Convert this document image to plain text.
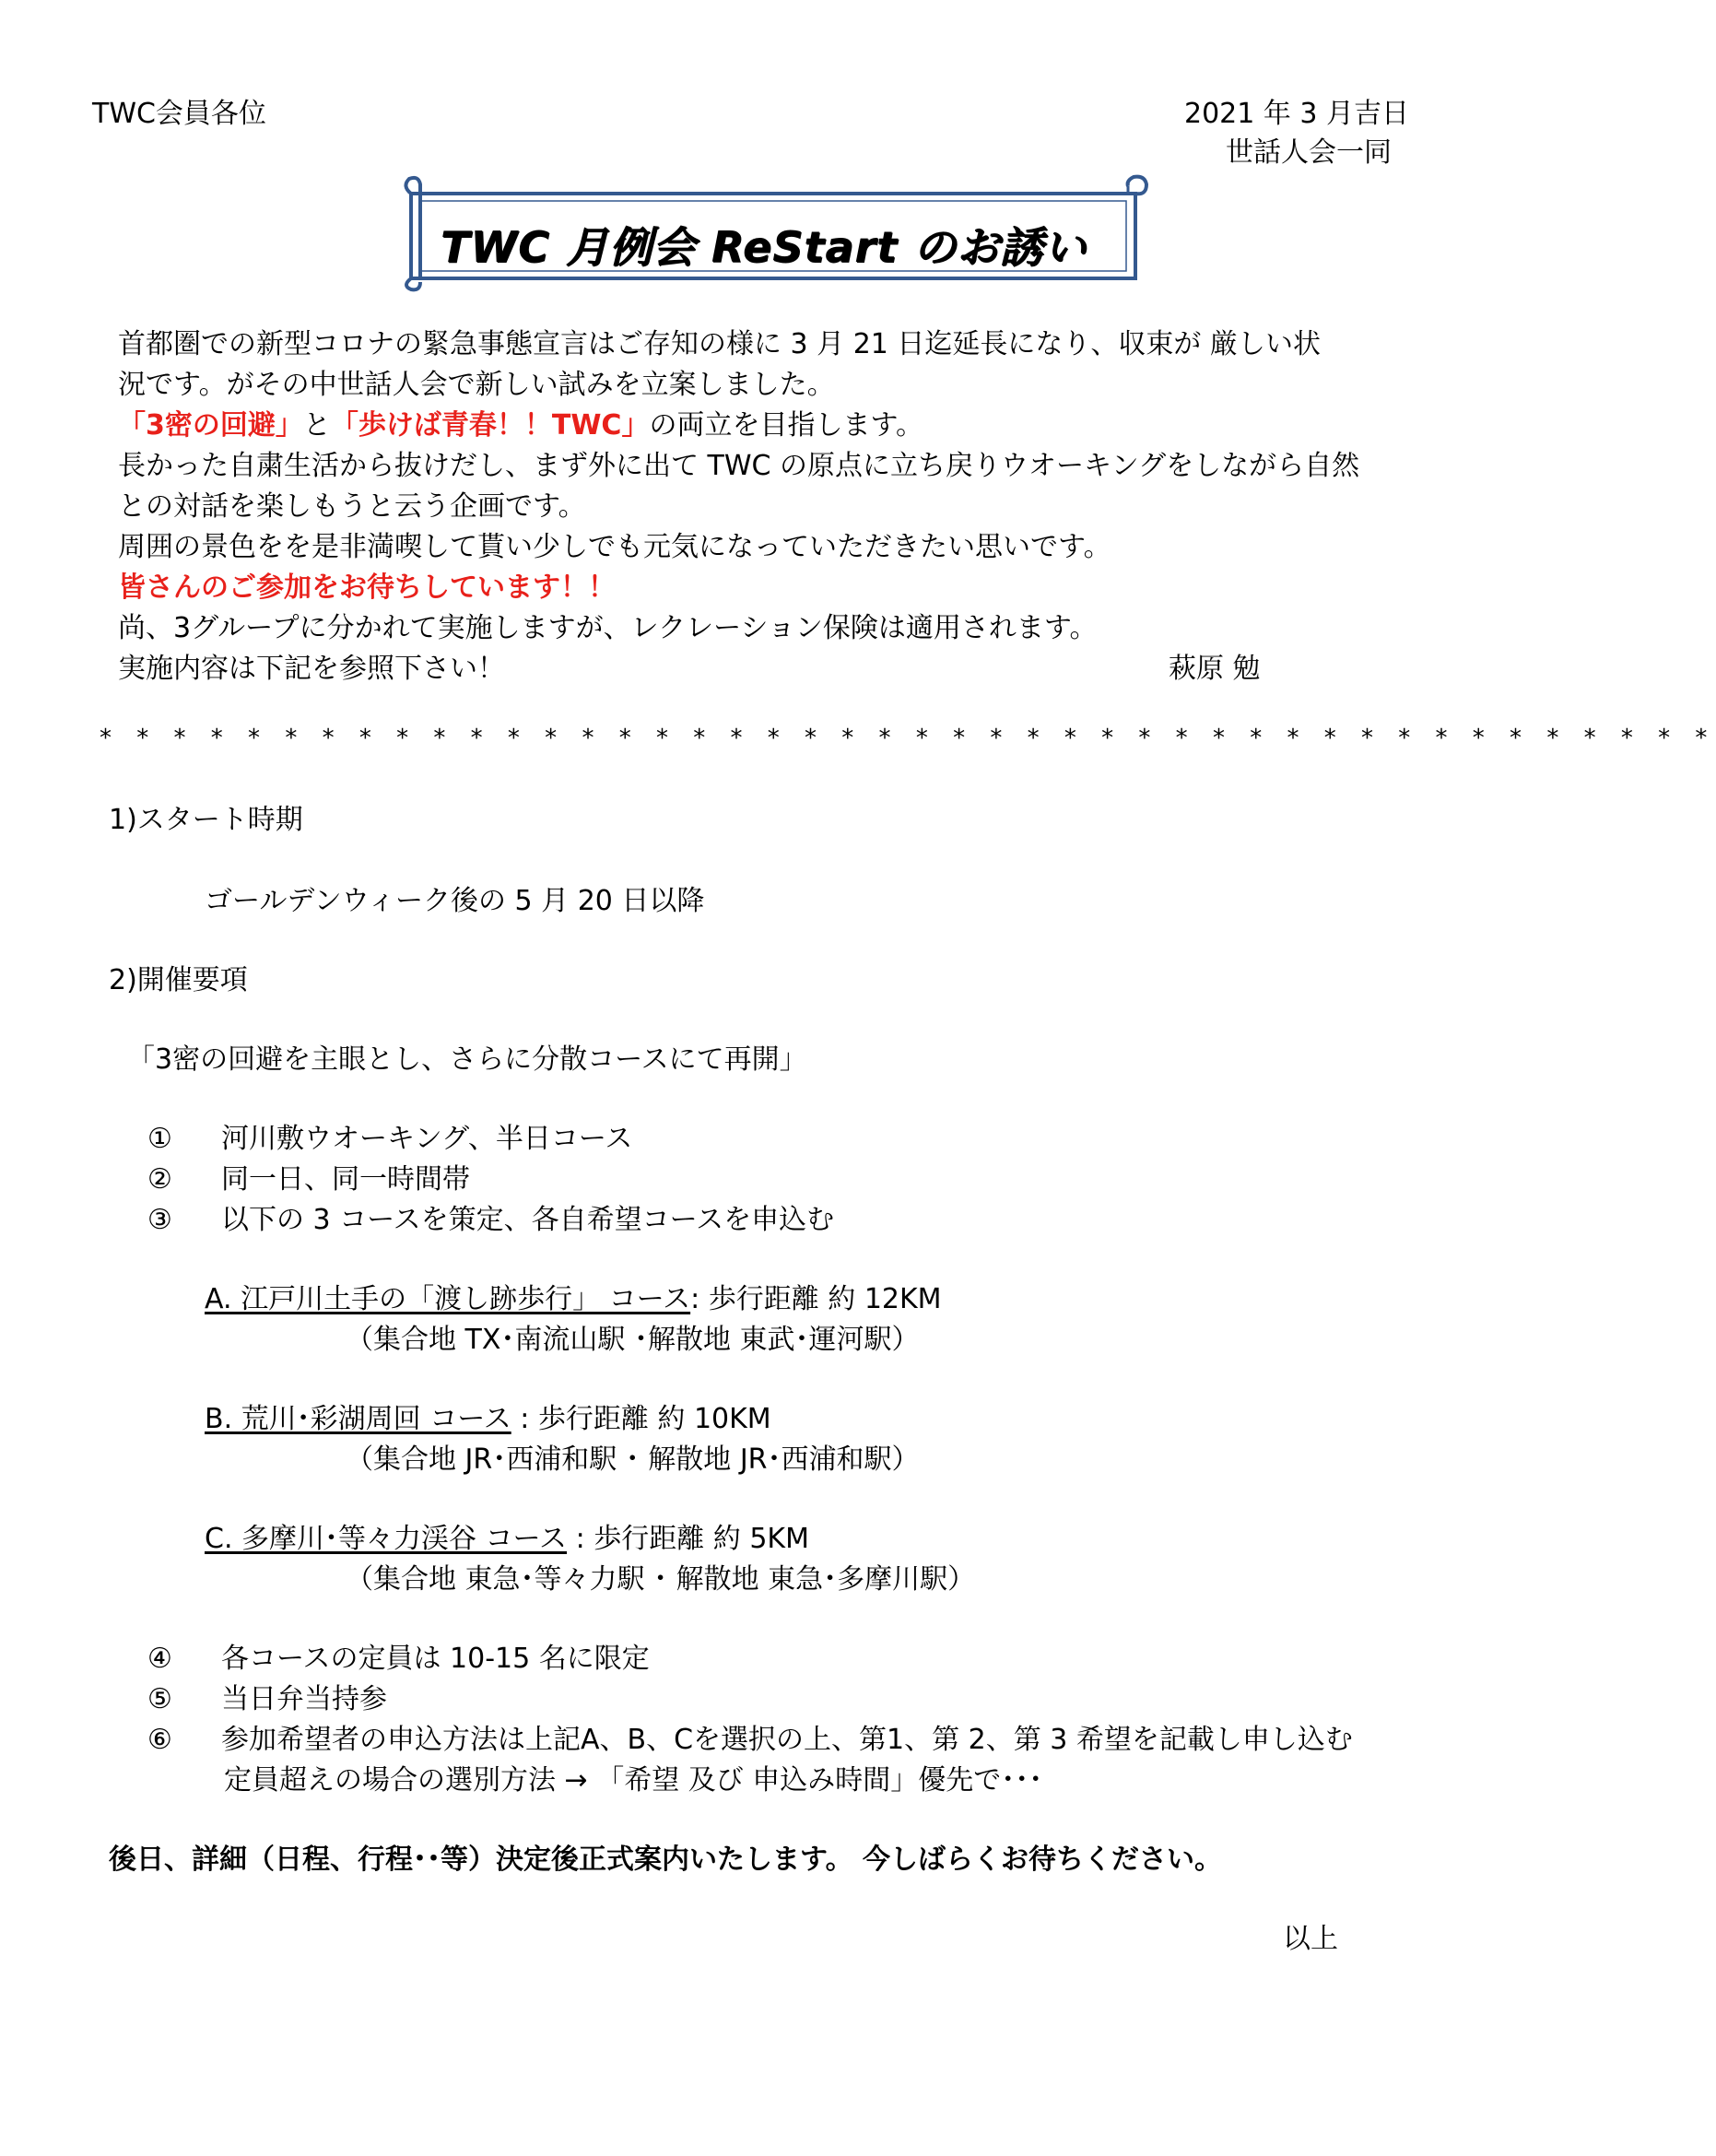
TWC会員各位	2021 年 3 月吉日
世話人会一同
TWC 月例会 ReStart のお誘い
首都圏での新型コロナの緊急事態宣言はご存知の様に 3 月 21 日迄延長になり、収束が 厳しい状
況です。がその中世話人会で新しい試みを立案しました。
「3密の回避」と「歩けば青春！！TWC」の両立を目指します。
長かった自粛生活から抜けだし、まず外に出て TWC の原点に立ち戻りウオーキングをしながら自然
との対話を楽しもうと云う企画です。
周囲の景色をを是非満喫して貰い少しでも元気になっていただきたい思いです。
皆さんのご参加をお待ちしています！！
尚、3グループに分かれて実施しますが、レクレーション保険は適用されます。
実施内容は下記を参照下さい！	萩原 勉
* * * * * * * * * * * * * * * * * * * * * * * * * * * * * * * * * * * * * * * * * * * *
1)スタート時期
ゴールデンウィーク後の 5 月 20 日以降
2)開催要項
「3密の回避を主眼とし、さらに分散コースにて再開」
① 河川敷ウオーキング、半日コース
② 同一日、同一時間帯
③ 以下の 3 コースを策定、各自希望コースを申込む
A. 江戸川土手の「渡し跡歩行」 コース: 歩行距離 約 12KM
（集合地 TX･南流山駅 ･解散地 東武･運河駅）
B. 荒川･彩湖周回 コース : 歩行距離 約 10KM
（集合地 JR･西浦和駅 ･ 解散地 JR･西浦和駅）
C. 多摩川･等々力渓谷 コース : 歩行距離 約 5KM
（集合地 東急･等々力駅 ･ 解散地 東急･多摩川駅）
④ 各コースの定員は 10-15 名に限定
⑤ 当日弁当持参
⑥ 参加希望者の申込方法は上記A、B、Cを選択の上、第1、第 2、第 3 希望を記載し申し込む
定員超えの場合の選別方法 → 「希望 及び 申込み時間」優先で･･･
後日、詳細（日程、行程･･等）決定後正式案内いたします。 今しばらくお待ちください。
以上
